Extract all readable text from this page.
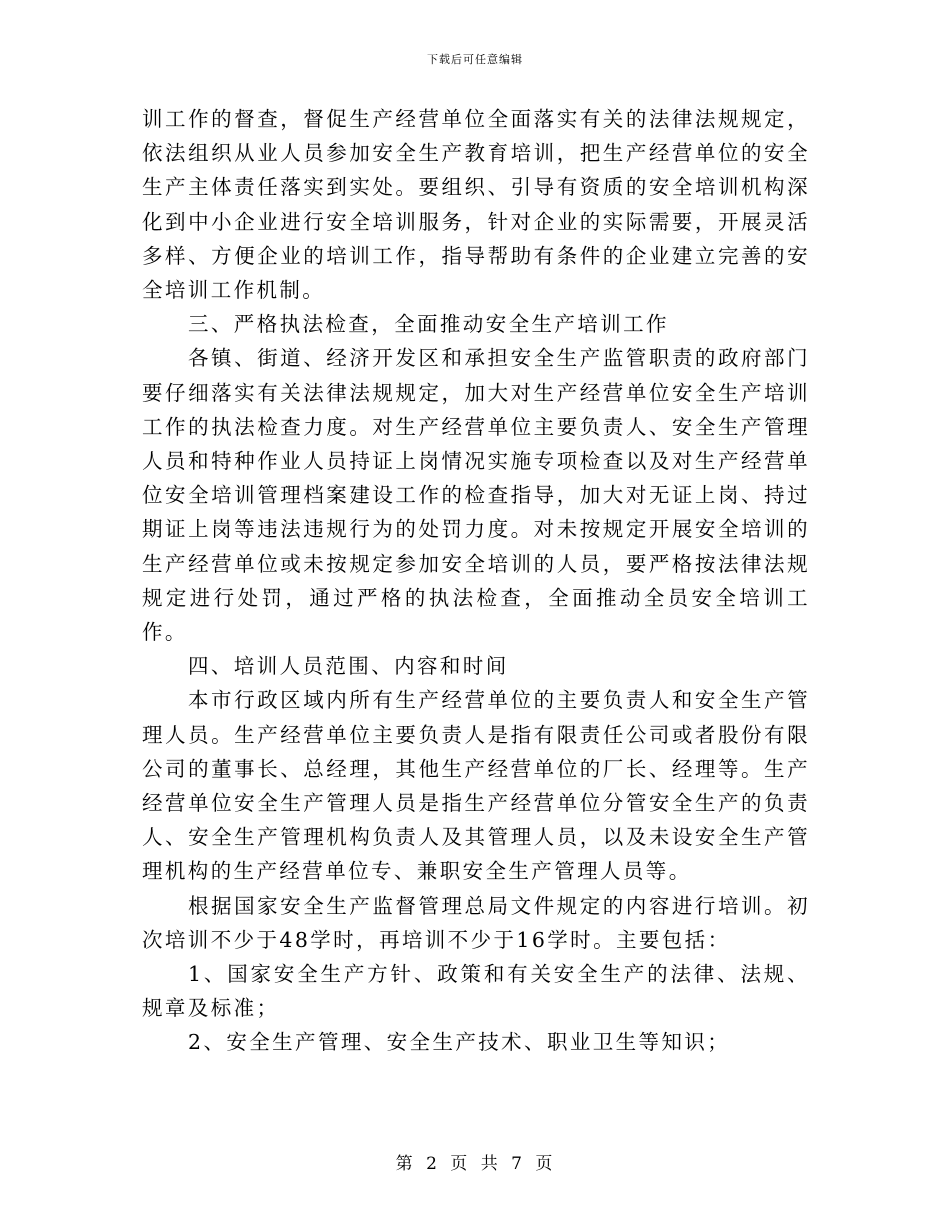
下载后可任意编辑

训工作的督查，督促生产经营单位全面落实有关的法律法规规定，依法组织从业人员参加安全生产教育培训，把生产经营单位的安全生产主体责任落实到实处。要组织、引导有资质的安全培训机构深化到中小企业进行安全培训服务，针对企业的实际需要，开展灵活多样、方便企业的培训工作，指导帮助有条件的企业建立完善的安全培训工作机制。

三、严格执法检查，全面推动安全生产培训工作

各镇、街道、经济开发区和承担安全生产监管职责的政府部门要仔细落实有关法律法规规定，加大对生产经营单位安全生产培训工作的执法检查力度。对生产经营单位主要负责人、安全生产管理人员和特种作业人员持证上岗情况实施专项检查以及对生产经营单位安全培训管理档案建设工作的检查指导，加大对无证上岗、持过期证上岗等违法违规行为的处罚力度。对未按规定开展安全培训的生产经营单位或未按规定参加安全培训的人员，要严格按法律法规规定进行处罚，通过严格的执法检查，全面推动全员安全培训工作。

四、培训人员范围、内容和时间

本市行政区域内所有生产经营单位的主要负责人和安全生产管理人员。生产经营单位主要负责人是指有限责任公司或者股份有限公司的董事长、总经理，其他生产经营单位的厂长、经理等。生产经营单位安全生产管理人员是指生产经营单位分管安全生产的负责人、安全生产管理机构负责人及其管理人员，以及未设安全生产管理机构的生产经营单位专、兼职安全生产管理人员等。

根据国家安全生产监督管理总局文件规定的内容进行培训。初次培训不少于48学时，再培训不少于16学时。主要包括：

1、国家安全生产方针、政策和有关安全生产的法律、法规、规章及标准；

2、安全生产管理、安全生产技术、职业卫生等知识；

第 2 页 共 7 页
